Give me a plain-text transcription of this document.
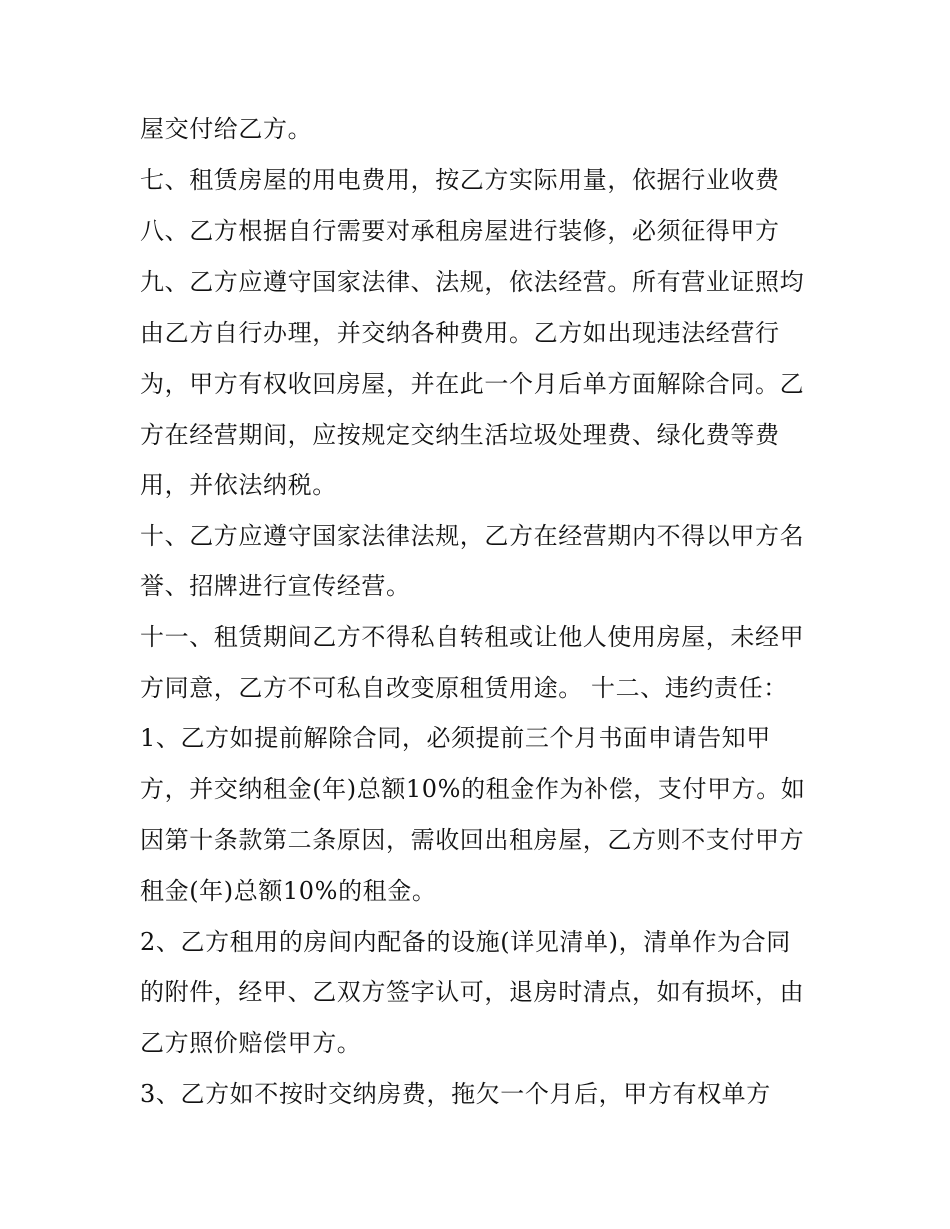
屋交付给乙方。
七、租赁房屋的用电费用，按乙方实际用量，依据行业收费
八、乙方根据自行需要对承租房屋进行装修，必须征得甲方
九、乙方应遵守国家法律、法规，依法经营。所有营业证照均
由乙方自行办理，并交纳各种费用。乙方如出现违法经营行
为，甲方有权收回房屋，并在此一个月后单方面解除合同。乙
方在经营期间，应按规定交纳生活垃圾处理费、绿化费等费
用，并依法纳税。
十、乙方应遵守国家法律法规，乙方在经营期内不得以甲方名
誉、招牌进行宣传经营。
十一、租赁期间乙方不得私自转租或让他人使用房屋，未经甲
方同意，乙方不可私自改变原租赁用途。 十二、违约责任：
1、乙方如提前解除合同，必须提前三个月书面申请告知甲
方，并交纳租金(年)总额10%的租金作为补偿，支付甲方。如
因第十条款第二条原因，需收回出租房屋，乙方则不支付甲方
租金(年)总额10%的租金。
2、乙方租用的房间内配备的设施(详见清单)，清单作为合同
的附件，经甲、乙双方签字认可，退房时清点，如有损坏，由
乙方照价赔偿甲方。
3、乙方如不按时交纳房费，拖欠一个月后，甲方有权单方
